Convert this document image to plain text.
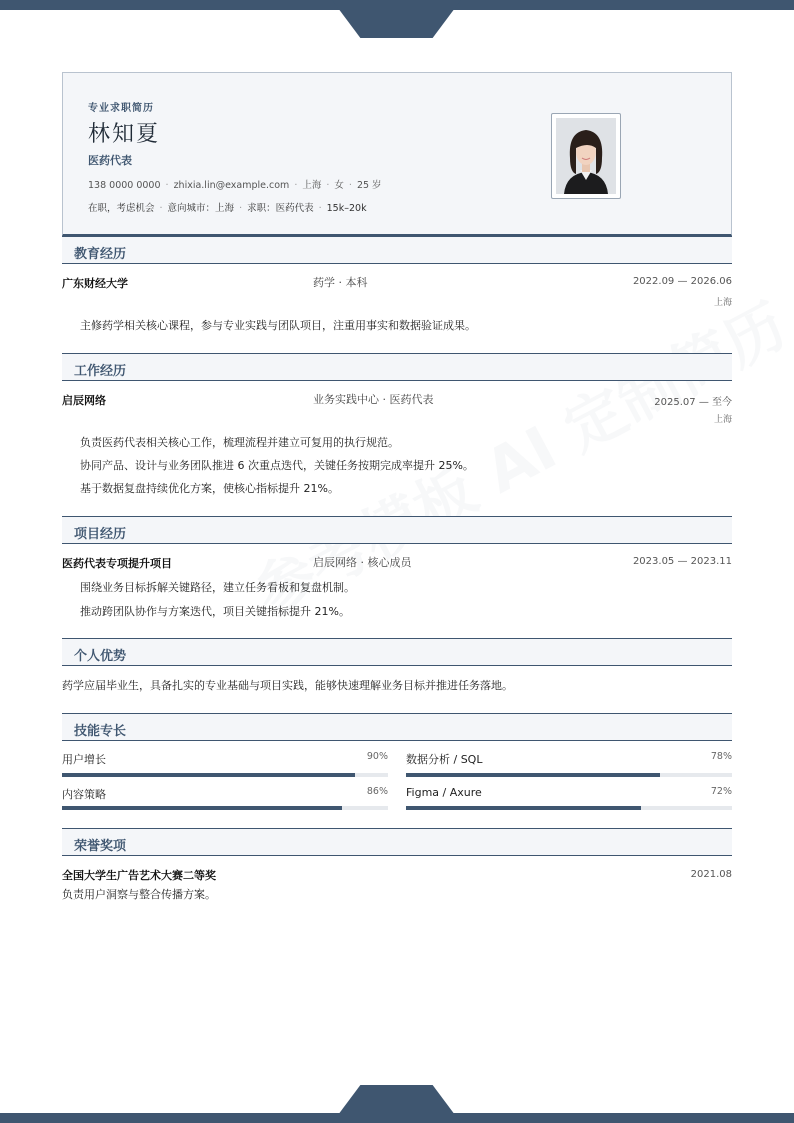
专业求职简历
林知夏
医药代表
138 0000 0000 · zhixia.lin@example.com · 上海 · 女 · 25 岁
在职，考虑机会 · 意向城市：上海 · 求职：医药代表 · 15k–20k
教育经历
广东财经大学	药学 · 本科	2022.09 — 2026.06
上海
主修药学相关核心课程，参与专业实践与团队项目，注重用事实和数据验证成果。
工作经历
启辰网络	业务实践中心 · 医药代表	2025.07 — 至今
上海
负责医药代表相关核心工作，梳理流程并建立可复用的执行规范。
协同产品、设计与业务团队推进 6 次重点迭代，关键任务按期完成率提升 25%。
基于数据复盘持续优化方案，使核心指标提升 21%。
项目经历
医药代表专项提升项目	启辰网络 · 核心成员	2023.05 — 2023.11
围绕业务目标拆解关键路径，建立任务看板和复盘机制。
推动跨团队协作与方案迭代，项目关键指标提升 21%。
个人优势
药学应届毕业生，具备扎实的专业基础与项目实践，能够快速理解业务目标并推进任务落地。
技能专长
用户增长	90% 数据分析 / SQL	78%
内容策略	86% Figma / Axure	72%
荣誉奖项
全国大学生广告艺术大赛二等奖	2021.08
负责用户洞察与整合传播方案。
